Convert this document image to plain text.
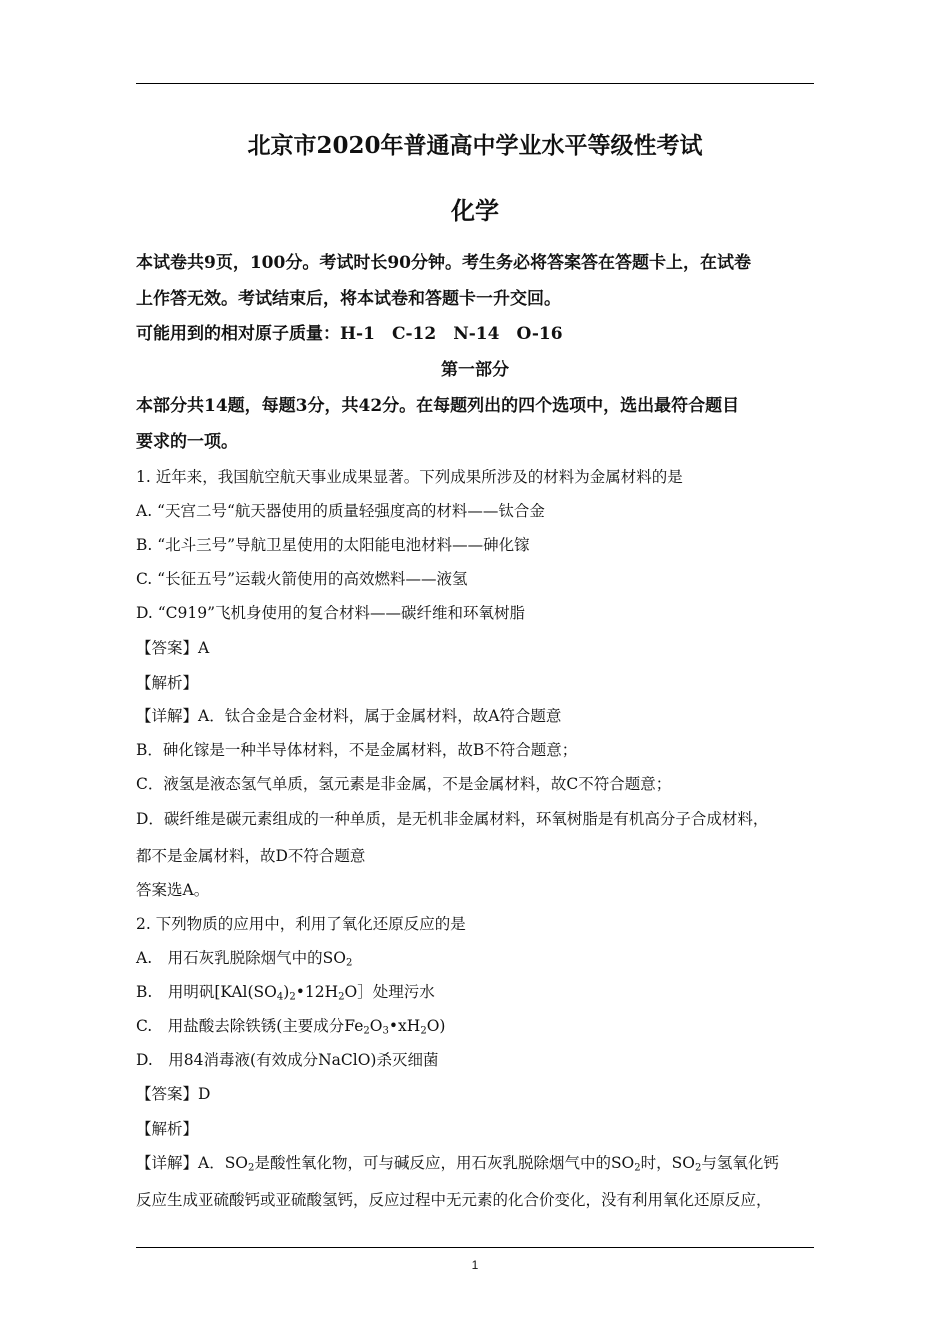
北京市2020年普通高中学业水平等级性考试
化学
本试卷共9页，100分。考试时长90分钟。考生务必将答案答在答题卡上，在试卷
上作答无效。考试结束后，将本试卷和答题卡一升交回。
可能用到的相对原子质量：H-1　C-12　N-14　O-16
第一部分
本部分共14题，每题3分，共42分。在每题列出的四个选项中，选出最符合题目
要求的一项。
1. 近年来，我国航空航天事业成果显著。下列成果所涉及的材料为金属材料的是
A. “天宫二号“航天器使用的质量轻强度高的材料——钛合金
B. “北斗三号”导航卫星使用的太阳能电池材料——砷化镓
C. “长征五号”运载火箭使用的高效燃料——液氢
D. “C919”飞机身使用的复合材料——碳纤维和环氧树脂
【答案】A
【解析】
【详解】A．钛合金是合金材料，属于金属材料，故A符合题意
B．砷化镓是一种半导体材料，不是金属材料，故B不符合题意；
C．液氢是液态氢气单质，氢元素是非金属，不是金属材料，故C不符合题意；
D．碳纤维是碳元素组成的一种单质，是无机非金属材料，环氧树脂是有机高分子合成材料，
都不是金属材料，故D不符合题意
答案选A。
2. 下列物质的应用中，利用了氧化还原反应的是
A.　用石灰乳脱除烟气中的$SO_2$
B.　用明矾[$KAl(SO_4)_2•12H_2O]$处理污水
C.　用盐酸去除铁锈(主要成分$Fe_2O_3•xH_2O$)
D.　用84消毒液(有效成分NaClO)杀灭细菌
【答案】D
【解析】
【详解】A．$SO_2$是酸性氧化物，可与碱反应，用石灰乳脱除烟气中的$SO_2$时，$SO_2$与氢氧化钙
反应生成亚硫酸钙或亚硫酸氢钙，反应过程中无元素的化合价变化，没有利用氧化还原反应，
1
